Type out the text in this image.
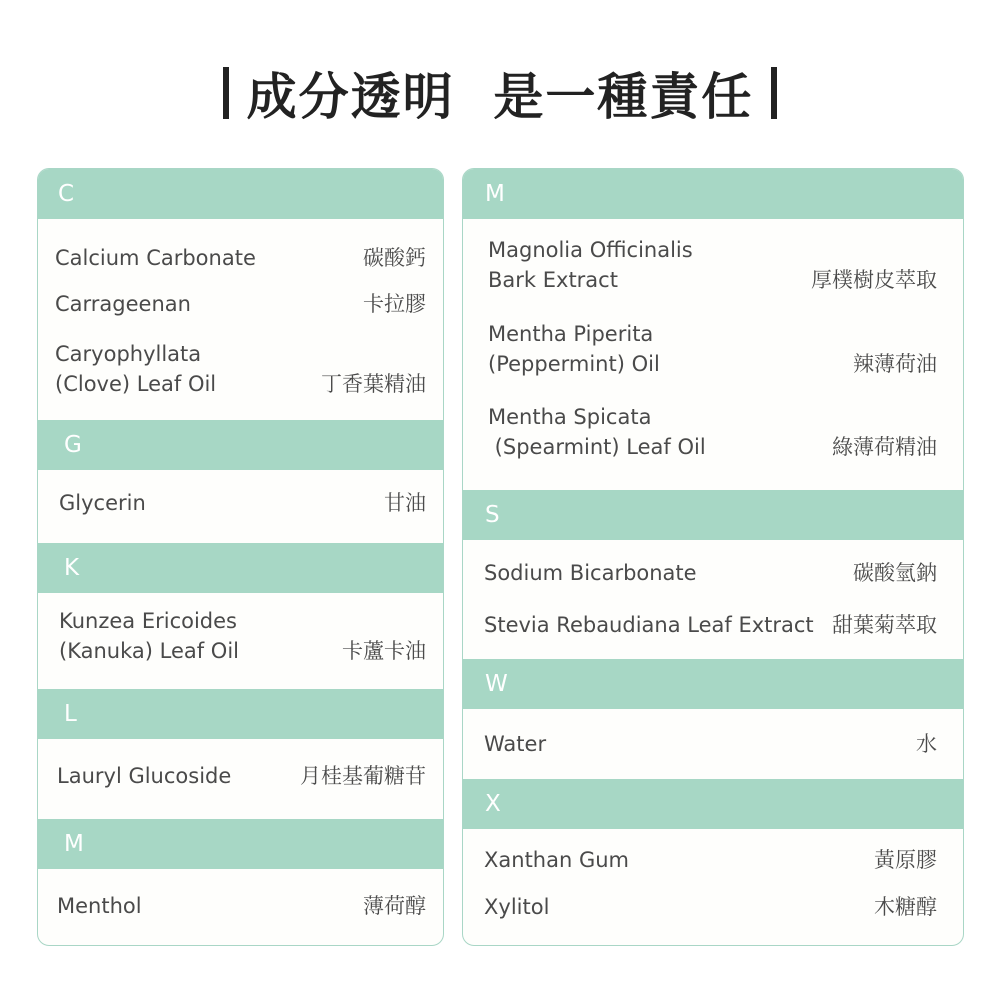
成分透明  是一種責任
C
Calcium Carbonate	碳酸鈣
Carrageenan	卡拉膠
Caryophyllata
(Clove) Leaf Oil	丁香葉精油
G
Glycerin	甘油
K
Kunzea Ericoides
(Kanuka) Leaf Oil	卡蘆卡油
L
Lauryl Glucoside	月桂基葡糖苷
M
Menthol	薄荷醇
M
Magnolia Officinalis
Bark Extract	厚樸樹皮萃取
Mentha Piperita
(Peppermint) Oil	辣薄荷油
Mentha Spicata
(Spearmint) Leaf Oil	綠薄荷精油
S
Sodium Bicarbonate	碳酸氫鈉
Stevia Rebaudiana Leaf Extract 甜葉菊萃取
W
Water	水
X
Xanthan Gum	黃原膠
Xylitol	木糖醇
